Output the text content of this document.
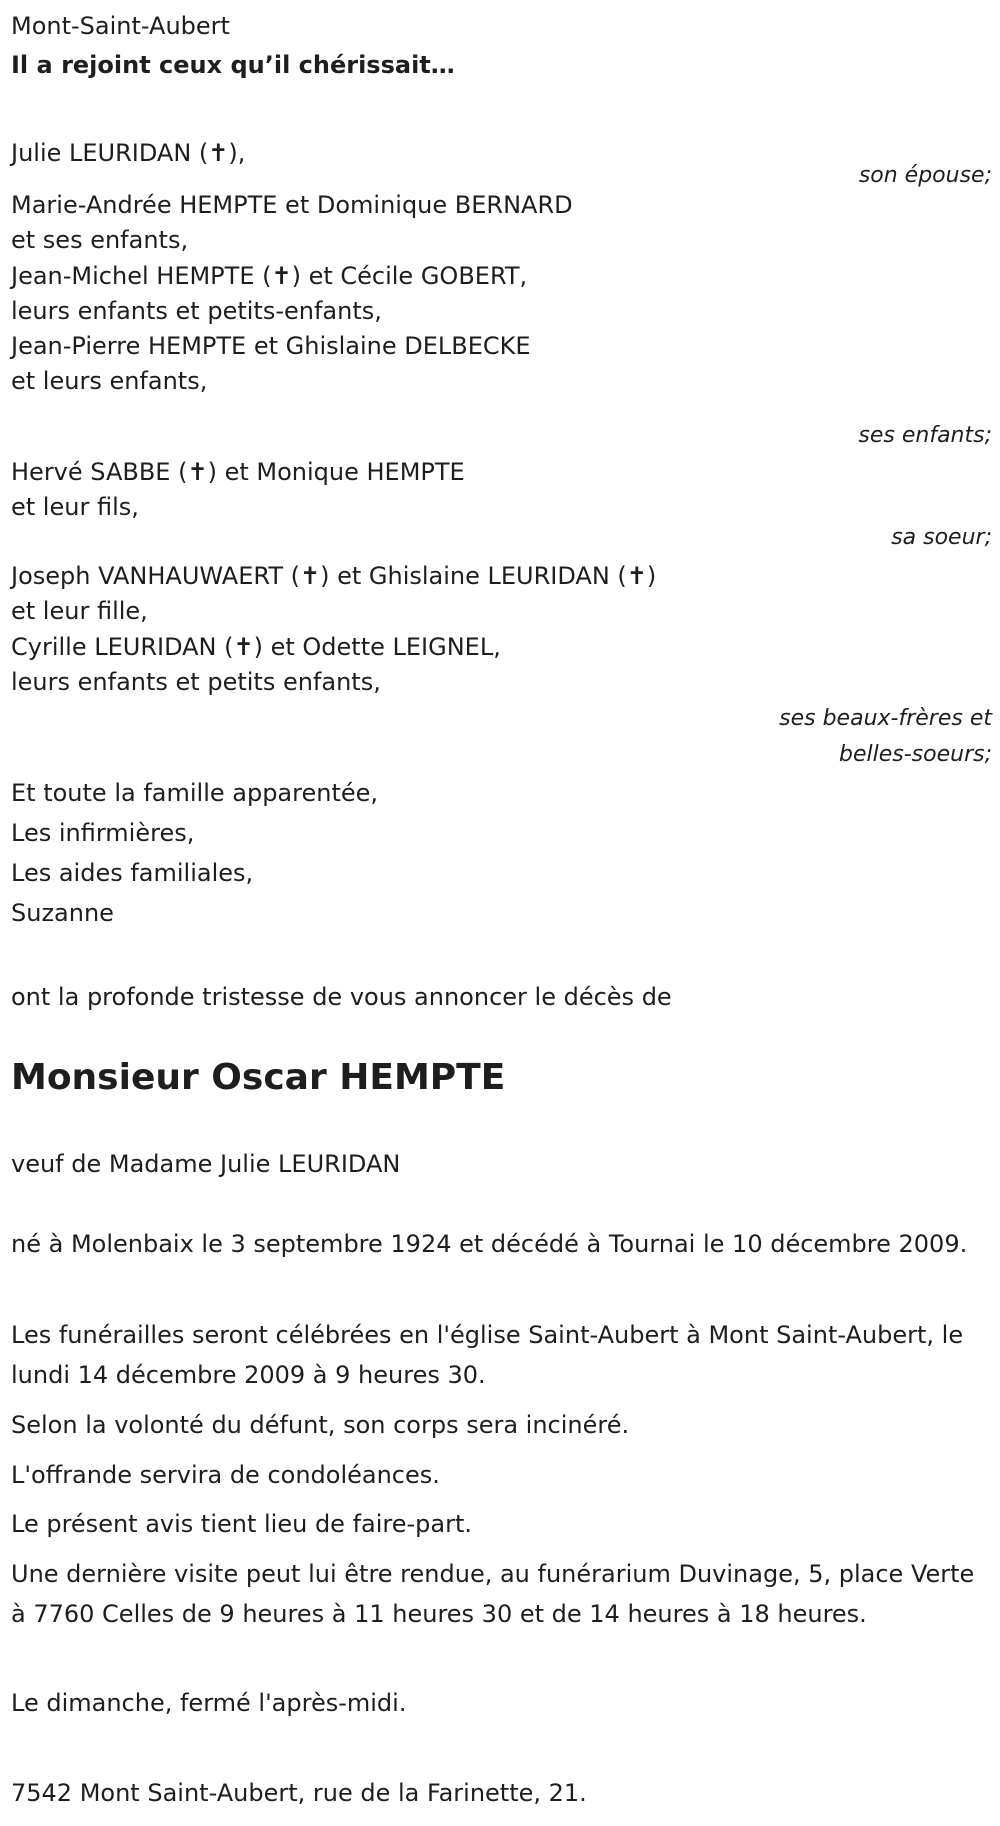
Mont-Saint-Aubert
Il a rejoint ceux qu’il chérissait…
Julie LEURIDAN (✝),
son épouse;
Marie-Andrée HEMPTE et Dominique BERNARD
et ses enfants,
Jean-Michel HEMPTE (✝) et Cécile GOBERT,
leurs enfants et petits-enfants,
Jean-Pierre HEMPTE et Ghislaine DELBECKE
et leurs enfants,
ses enfants;
Hervé SABBE (✝) et Monique HEMPTE
et leur fils,
sa soeur;
Joseph VANHAUWAERT (✝) et Ghislaine LEURIDAN (✝)
et leur fille,
Cyrille LEURIDAN (✝) et Odette LEIGNEL,
leurs enfants et petits enfants,
ses beaux-frères et
belles-soeurs;
Et toute la famille apparentée,
Les infirmières,
Les aides familiales,
Suzanne
ont la profonde tristesse de vous annoncer le décès de
Monsieur Oscar HEMPTE
veuf de Madame Julie LEURIDAN
né à Molenbaix le 3 septembre 1924 et décédé à Tournai le 10 décembre 2009.
Les funérailles seront célébrées en l'église Saint-Aubert à Mont Saint-Aubert, le lundi 14 décembre 2009 à 9 heures 30.
Selon la volonté du défunt, son corps sera incinéré.
L'offrande servira de condoléances.
Le présent avis tient lieu de faire-part.
Une dernière visite peut lui être rendue, au funérarium Duvinage, 5, place Verte à 7760 Celles de 9 heures à 11 heures 30 et de 14 heures à 18 heures.
Le dimanche, fermé l'après-midi.
7542 Mont Saint-Aubert, rue de la Farinette, 21.
